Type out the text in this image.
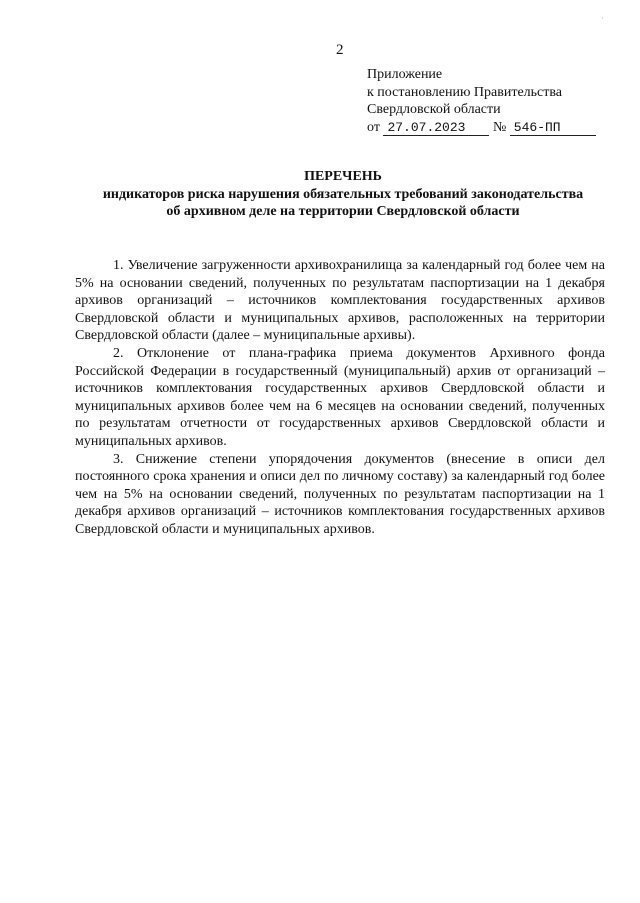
·
2
Приложение
к постановлению Правительства
Свердловской области
от 27.07.2023 № 546-ПП
ПЕРЕЧЕНЬ
индикаторов риска нарушения обязательных требований законодательства
об архивном деле на территории Свердловской области

1. Увеличение загруженности архивохранилища за календарный год более чем на 5% на основании сведений, полученных по результатам паспортизации на 1 декабря архивов организаций – источников комплектования государственных архивов Свердловской области и муниципальных архивов, расположенных на территории Свердловской области (далее – муниципальные архивы).

2. Отклонение от плана-графика приема документов Архивного фонда Российской Федерации в государственный (муниципальный) архив от организаций – источников комплектования государственных архивов Свердловской области и муниципальных архивов более чем на 6 месяцев на основании сведений, полученных по результатам отчетности от государственных архивов Свердловской области и муниципальных архивов.

3. Снижение степени упорядочения документов (внесение в описи дел постоянного срока хранения и описи дел по личному составу) за календарный год более чем на 5% на основании сведений, полученных по результатам паспортизации на 1 декабря архивов организаций – источников комплектования государственных архивов Свердловской области и муниципальных архивов.
